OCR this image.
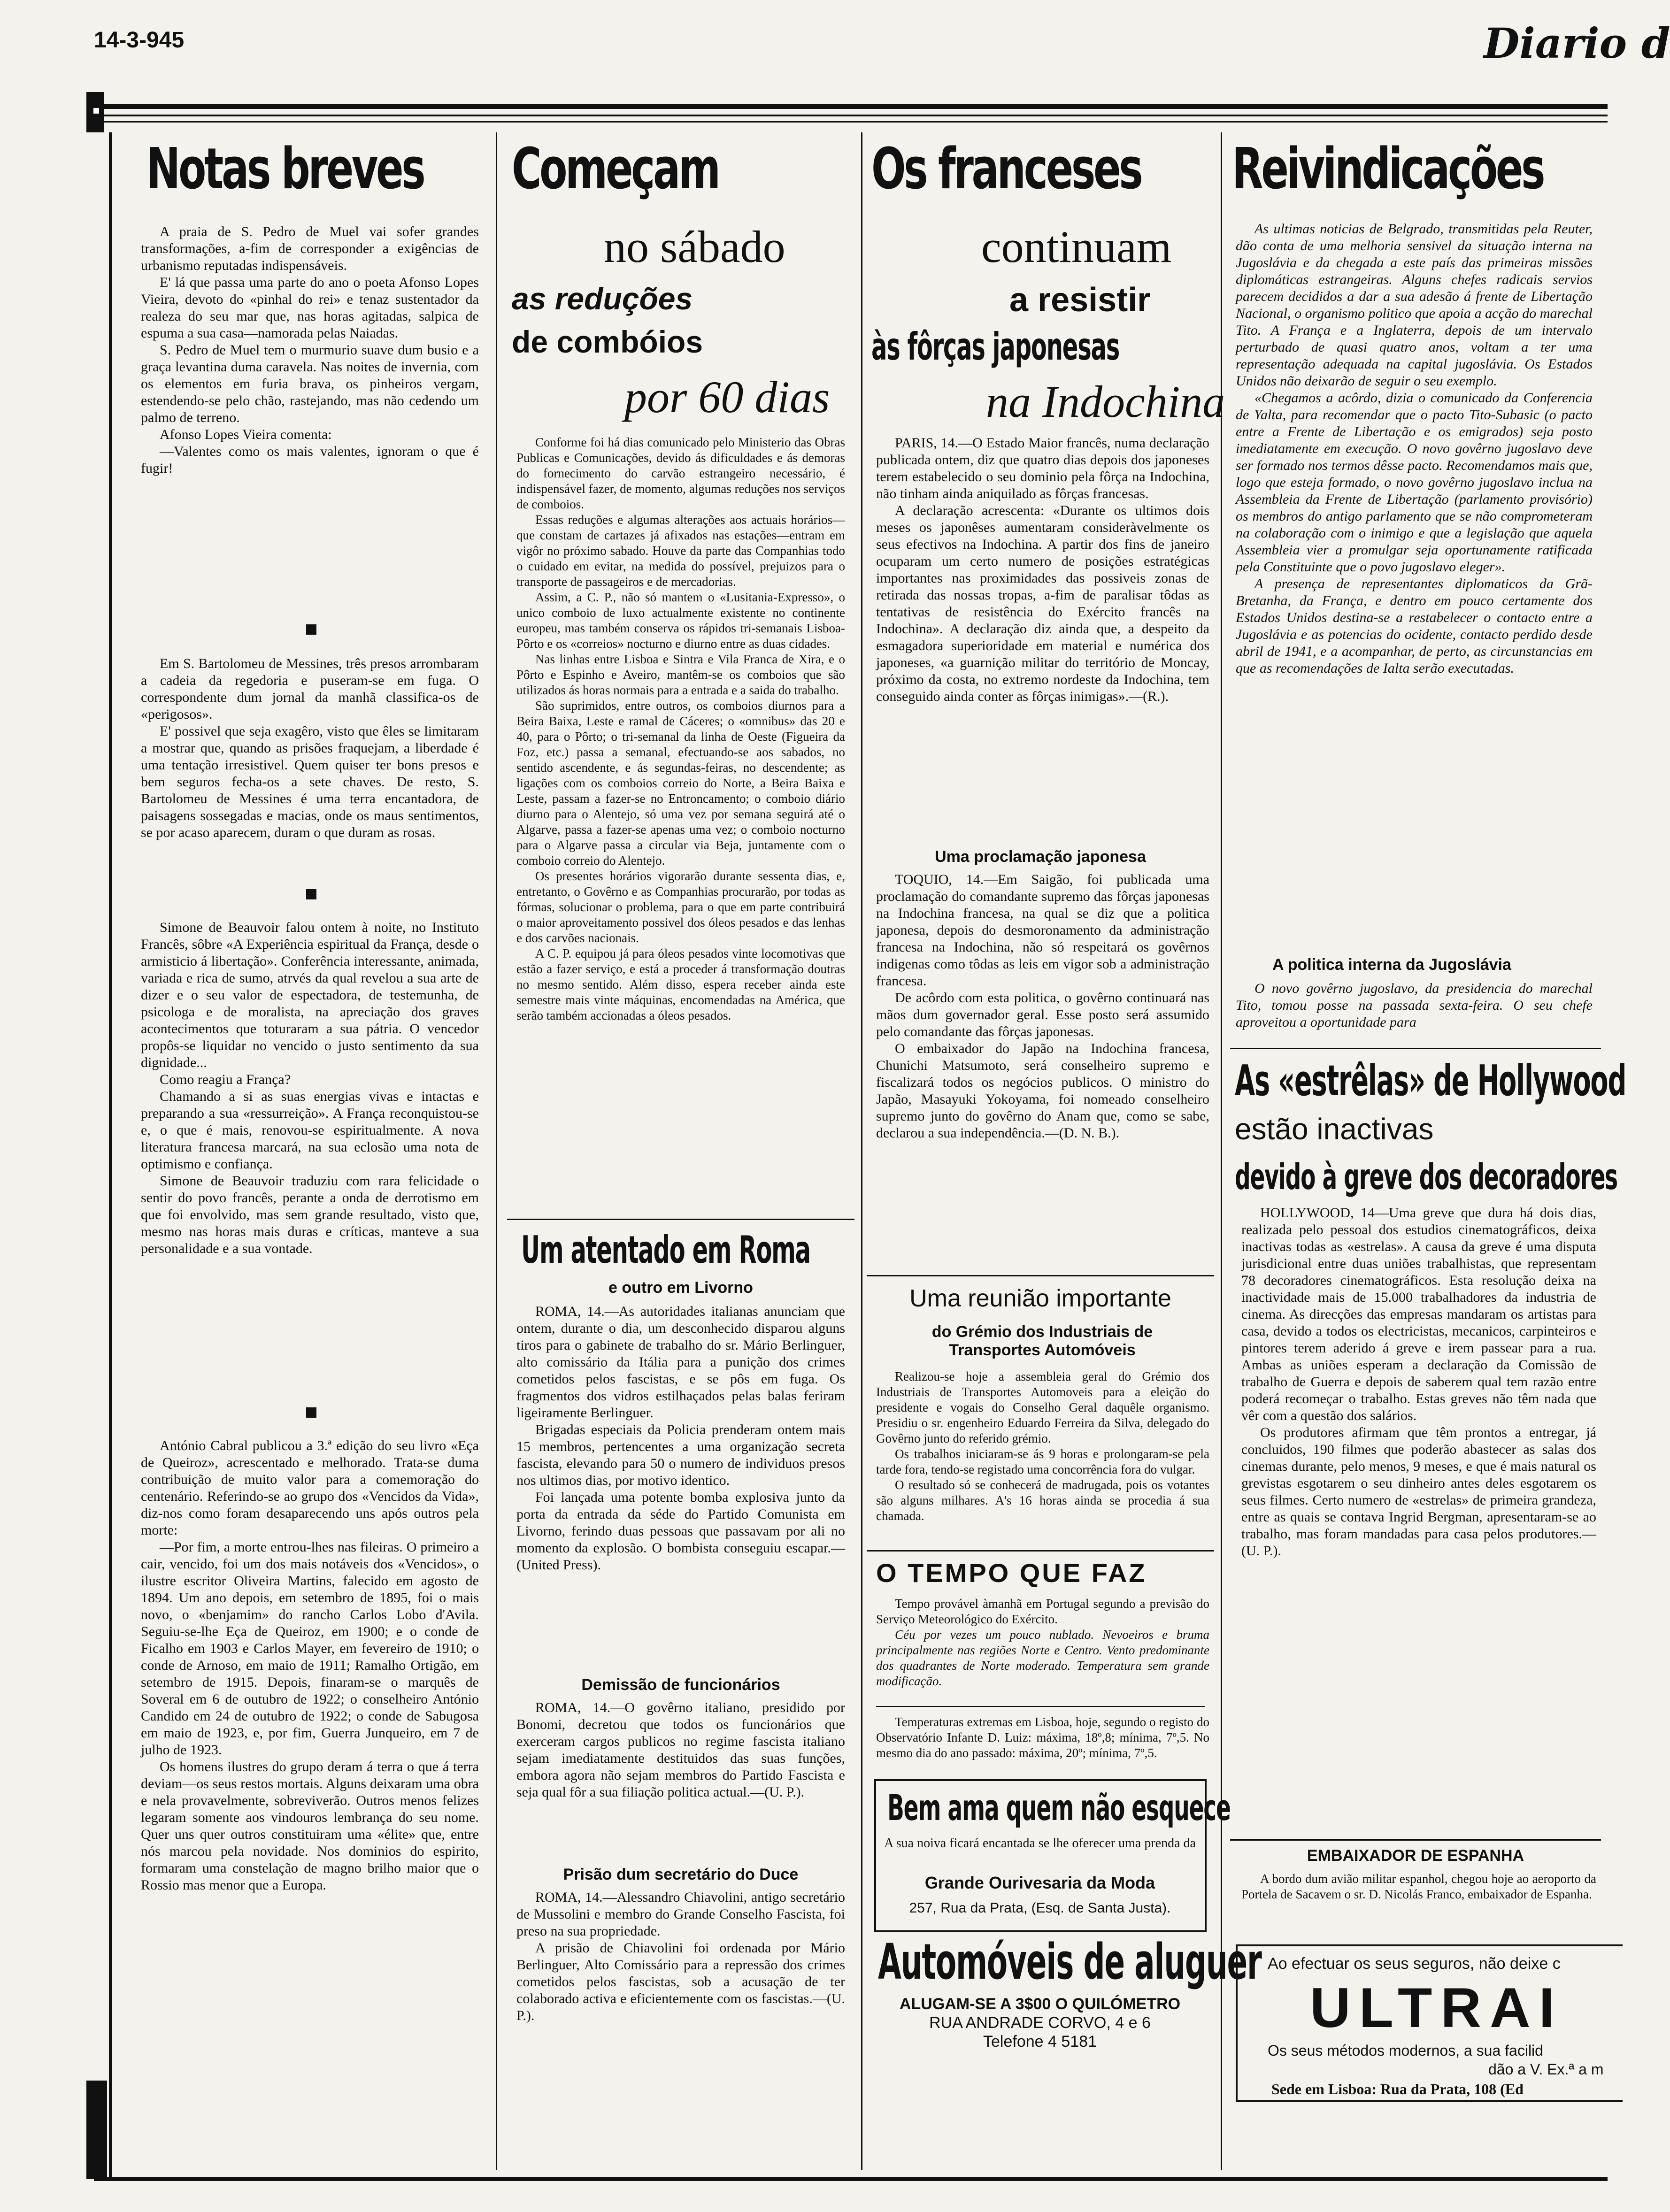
14-3-945	Diario d
Notas breves

A praia de S. Pedro de Muel vai sofer grandes transformações, a-fim de corresponder a exigências de urbanismo reputadas indispensáveis.

E' lá que passa uma parte do ano o poeta Afonso Lopes Vieira, devoto do «pinhal do rei» e tenaz sustentador da realeza do seu mar que, nas horas agitadas, salpica de espuma a sua casa—namorada pelas Naiadas.

S. Pedro de Muel tem o murmurio suave dum busio e a graça levantina duma caravela. Nas noites de invernia, com os elementos em furia brava, os pinheiros vergam, estendendo-se pelo chão, rastejando, mas não cedendo um palmo de terreno.

Afonso Lopes Vieira comenta:

—Valentes como os mais valentes, ignoram o que é fugir!

Em S. Bartolomeu de Messines, três presos arrombaram a cadeia da regedoria e puseram-se em fuga. O correspondente dum jornal da manhã classifica-os de «perigosos».

E' possivel que seja exagêro, visto que êles se limitaram a mostrar que, quando as prisões fraquejam, a liberdade é uma tentação irresistivel. Quem quiser ter bons presos e bem seguros fecha-os a sete chaves. De resto, S. Bartolomeu de Messines é uma terra encantadora, de paisagens sossegadas e macias, onde os maus sentimentos, se por acaso aparecem, duram o que duram as rosas.

Simone de Beauvoir falou ontem à noite, no Instituto Francês, sôbre «A Experiência espiritual da França, desde o armisticio á libertação». Conferência interessante, animada, variada e rica de sumo, atrvés da qual revelou a sua arte de dizer e o seu valor de espectadora, de testemunha, de psicologa e de moralista, na apreciação dos graves acontecimentos que toturaram a sua pátria. O vencedor propôs-se liquidar no vencido o justo sentimento da sua dignidade...

Como reagiu a França?

Chamando a si as suas energias vivas e intactas e preparando a sua «ressurreição». A França reconquistou-se e, o que é mais, renovou-se espiritualmente. A nova literatura francesa marcará, na sua eclosão uma nota de optimismo e confiança.

Simone de Beauvoir traduziu com rara felicidade o sentir do povo francês, perante a onda de derrotismo em que foi envolvido, mas sem grande resultado, visto que, mesmo nas horas mais duras e críticas, manteve a sua personalidade e a sua vontade.

António Cabral publicou a 3.ª edição do seu livro «Eça de Queiroz», acrescentado e melhorado. Trata-se duma contribuição de muito valor para a comemoração do centenário. Referindo-se ao grupo dos «Vencidos da Vida», diz-nos como foram desaparecendo uns após outros pela morte:

—Por fim, a morte entrou-lhes nas fileiras. O primeiro a cair, vencido, foi um dos mais notáveis dos «Vencidos», o ilustre escritor Oliveira Martins, falecido em agosto de 1894. Um ano depois, em setembro de 1895, foi o mais novo, o «benjamim» do rancho Carlos Lobo d'Avila. Seguiu-se-lhe Eça de Queiroz, em 1900; e o conde de Ficalho em 1903 e Carlos Mayer, em fevereiro de 1910; o conde de Arnoso, em maio de 1911; Ramalho Ortigão, em setembro de 1915. Depois, finaram-se o marquês de Soveral em 6 de outubro de 1922; o conselheiro António Candido em 24 de outubro de 1922; o conde de Sabugosa em maio de 1923, e, por fim, Guerra Junqueiro, em 7 de julho de 1923.

Os homens ilustres do grupo deram á terra o que á terra deviam—os seus restos mortais. Alguns deixaram uma obra e nela provavelmente, sobreviverão. Outros menos felizes legaram somente aos vindouros lembrança do seu nome. Quer uns quer outros constituiram uma «élite» que, entre nós marcou pela novidade. Nos dominios do espirito, formaram uma constelação de magno brilho maior que o Rossio mas menor que a Europa.

Começam
no sábado
as reduções
de combóios
por 60 dias

Conforme foi há dias comunicado pelo Ministerio das Obras Publicas e Comunicações, devido ás dificuldades e ás demoras do fornecimento do carvão estrangeiro necessário, é indispensável fazer, de momento, algumas reduções nos serviços de comboios.

Essas reduções e algumas alterações aos actuais horários—que constam de cartazes já afixados nas estações—entram em vigôr no próximo sabado. Houve da parte das Companhias todo o cuidado em evitar, na medida do possível, prejuizos para o transporte de passageiros e de mercadorias.

Assim, a C. P., não só mantem o «Lusitania-Expresso», o unico comboio de luxo actualmente existente no continente europeu, mas também conserva os rápidos tri-semanais Lisboa-Pôrto e os «correios» nocturno e diurno entre as duas cidades.

Nas linhas entre Lisboa e Sintra e Vila Franca de Xira, e o Pôrto e Espinho e Aveiro, mantêm-se os comboios que são utilizados ás horas normais para a entrada e a saida do trabalho.

São suprimidos, entre outros, os comboios diurnos para a Beira Baixa, Leste e ramal de Cáceres; o «omnibus» das 20 e 40, para o Pôrto; o tri-semanal da linha de Oeste (Figueira da Foz, etc.) passa a semanal, efectuando-se aos sabados, no sentido ascendente, e ás segundas-feiras, no descendente; as ligações com os comboios correio do Norte, a Beira Baixa e Leste, passam a fazer-se no Entroncamento; o comboio diário diurno para o Alentejo, só uma vez por semana seguirá até o Algarve, passa a fazer-se apenas uma vez; o comboio nocturno para o Algarve passa a circular via Beja, juntamente com o comboio correio do Alentejo.

Os presentes horários vigorarão durante sessenta dias, e, entretanto, o Govêrno e as Companhias procurarão, por todas as fórmas, solucionar o problema, para o que em parte contribuirá o maior aproveitamento possivel dos óleos pesados e das lenhas e dos carvões nacionais.

A C. P. equipou já para óleos pesados vinte locomotivas que estão a fazer serviço, e está a proceder á transformação doutras no mesmo sentido. Além disso, espera receber ainda este semestre mais vinte máquinas, encomendadas na América, que serão também accionadas a óleos pesados.

Um atentado em Roma
e outro em Livorno

ROMA, 14.—As autoridades italianas anunciam que ontem, durante o dia, um desconhecido disparou alguns tiros para o gabinete de trabalho do sr. Mário Berlinguer, alto comissário da Itália para a punição dos crimes cometidos pelos fascistas, e se pôs em fuga. Os fragmentos dos vidros estilhaçados pelas balas feriram ligeiramente Berlinguer.

Brigadas especiais da Policia prenderam ontem mais 15 membros, pertencentes a uma organização secreta fascista, elevando para 50 o numero de individuos presos nos ultimos dias, por motivo identico.

Foi lançada uma potente bomba explosiva junto da porta da entrada da séde do Partido Comunista em Livorno, ferindo duas pessoas que passavam por ali no momento da explosão. O bombista conseguiu escapar.—(United Press).

Demissão de funcionários

ROMA, 14.—O govêrno italiano, presidido por Bonomi, decretou que todos os funcionários que exerceram cargos publicos no regime fascista italiano sejam imediatamente destituidos das suas funções, embora agora não sejam membros do Partido Fascista e seja qual fôr a sua filiação politica actual.—(U. P.).

Prisão dum secretário do Duce

ROMA, 14.—Alessandro Chiavolini, antigo secretário de Mussolini e membro do Grande Conselho Fascista, foi preso na sua propriedade.

A prisão de Chiavolini foi ordenada por Mário Berlinguer, Alto Comissário para a repressão dos crimes cometidos pelos fascistas, sob a acusação de ter colaborado activa e eficientemente com os fascistas.—(U. P.).

Os franceses
continuam
a resistir
às fôrças japonesas
na Indochina

PARIS, 14.—O Estado Maior francês, numa declaração publicada ontem, diz que quatro dias depois dos japoneses terem estabelecido o seu dominio pela fôrça na Indochina, não tinham ainda aniquilado as fôrças francesas.

A declaração acrescenta: «Durante os ultimos dois meses os japonêses aumentaram consideràvelmente os seus efectivos na Indochina. A partir dos fins de janeiro ocuparam um certo numero de posições estratégicas importantes nas proximidades das possiveis zonas de retirada das nossas tropas, a-fim de paralisar tôdas as tentativas de resistência do Exército francês na Indochina». A declaração diz ainda que, a despeito da esmagadora superioridade em material e numérica dos japoneses, «a guarnição militar do território de Moncay, próximo da costa, no extremo nordeste da Indochina, tem conseguido ainda conter as fôrças inimigas».—(R.).

Uma proclamação japonesa

TOQUIO, 14.—Em Saigão, foi publicada uma proclamação do comandante supremo das fôrças japonesas na Indochina francesa, na qual se diz que a politica japonesa, depois do desmoronamento da administração francesa na Indochina, não só respeitará os govêrnos indigenas como tôdas as leis em vigor sob a administração francesa.

De acôrdo com esta politica, o govêrno continuará nas mãos dum governador geral. Esse posto será assumido pelo comandante das fôrças japonesas.

O embaixador do Japão na Indochina francesa, Chunichi Matsumoto, será conselheiro supremo e fiscalizará todos os negócios publicos. O ministro do Japão, Masayuki Yokoyama, foi nomeado conselheiro supremo junto do govêrno do Anam que, como se sabe, declarou a sua independência.—(D. N. B.).

Uma reunião importante
do Grémio dos Industriais de Transportes Automóveis

Realizou-se hoje a assembleia geral do Grémio dos Industriais de Transportes Automoveis para a eleição do presidente e vogais do Conselho Geral daquêle organismo. Presidiu o sr. engenheiro Eduardo Ferreira da Silva, delegado do Govêrno junto do referido grémio.

Os trabalhos iniciaram-se ás 9 horas e prolongaram-se pela tarde fora, tendo-se registado uma concorrência fora do vulgar.

O resultado só se conhecerá de madrugada, pois os votantes são alguns milhares. A's 16 horas ainda se procedia á sua chamada.

O TEMPO QUE FAZ

Tempo provável àmanhã em Portugal segundo a previsão do Serviço Meteorológico do Exército.

Céu por vezes um pouco nublado. Nevoeiros e bruma principalmente nas regiões Norte e Centro. Vento predominante dos quadrantes de Norte moderado. Temperatura sem grande modificação.

Temperaturas extremas em Lisboa, hoje, segundo o registo do Observatório Infante D. Luiz: máxima, 18º,8; mínima, 7º,5. No mesmo dia do ano passado: máxima, 20º; mínima, 7º,5.

Bem ama quem não esquece
A sua noiva ficará encantada se lhe oferecer uma prenda da
Grande Ourivesaria da Moda
257, Rua da Prata, (Esq. de Santa Justa).
Automóveis de aluguer
ALUGAM-SE A 3$00 O QUILÓMETRO
RUA ANDRADE CORVO, 4 e 6
Telefone 4 5181
Reivindicações

As ultimas noticias de Belgrado, transmitidas pela Reuter, dão conta de uma melhoria sensivel da situação interna na Jugoslávia e da chegada a este país das primeiras missões diplomáticas estrangeiras. Alguns chefes radicais servios parecem decididos a dar a sua adesão á frente de Libertação Nacional, o organismo politico que apoia a acção do marechal Tito. A França e a Inglaterra, depois de um intervalo perturbado de quasi quatro anos, voltam a ter uma representação adequada na capital jugoslávia. Os Estados Unidos não deixarão de seguir o seu exemplo.

«Chegamos a acôrdo, dizia o comunicado da Conferencia de Yalta, para recomendar que o pacto Tito-Subasic (o pacto entre a Frente de Libertação e os emigrados) seja posto imediatamente em execução. O novo govêrno jugoslavo deve ser formado nos termos dêsse pacto. Recomendamos mais que, logo que esteja formado, o novo govêrno jugoslavo inclua na Assembleia da Frente de Libertação (parlamento provisório) os membros do antigo parlamento que se não comprometeram na colaboração com o inimigo e que a legislação que aquela Assembleia vier a promulgar seja oportunamente ratificada pela Constituinte que o povo jugoslavo eleger».

A presença de representantes diplomaticos da Grã-Bretanha, da França, e dentro em pouco certamente dos Estados Unidos destina-se a restabelecer o contacto entre a Jugoslávia e as potencias do ocidente, contacto perdido desde abril de 1941, e a acompanhar, de perto, as circunstancias em que as recomendações de Ialta serão executadas.

A politica interna da Jugoslávia

O novo govêrno jugoslavo, da presidencia do marechal Tito, tomou posse na passada sexta-feira. O seu chefe aproveitou a oportunidade para

As «estrêlas» de Hollywood
estão inactivas
devido à greve dos decoradores

HOLLYWOOD, 14—Uma greve que dura há dois dias, realizada pelo pessoal dos estudios cinematográficos, deixa inactivas todas as «estrelas». A causa da greve é uma disputa jurisdicional entre duas uniões trabalhistas, que representam 78 decoradores cinematográficos. Esta resolução deixa na inactividade mais de 15.000 trabalhadores da industria de cinema. As direcções das empresas mandaram os artistas para casa, devido a todos os electricistas, mecanicos, carpinteiros e pintores terem aderido á greve e irem passear para a rua. Ambas as uniões esperam a declaração da Comissão de trabalho de Guerra e depois de saberem qual tem razão entre poderá recomeçar o trabalho. Estas greves não têm nada que vêr com a questão dos salários.

Os produtores afirmam que têm prontos a entregar, já concluidos, 190 filmes que poderão abastecer as salas dos cinemas durante, pelo menos, 9 meses, e que é mais natural os grevistas esgotarem o seu dinheiro antes deles esgotarem os seus filmes. Certo numero de «estrelas» de primeira grandeza, entre as quais se contava Ingrid Bergman, apresentaram-se ao trabalho, mas foram mandadas para casa pelos produtores.—(U. P.).

EMBAIXADOR DE ESPANHA

A bordo dum avião militar espanhol, chegou hoje ao aeroporto da Portela de Sacavem o sr. D. Nicolás Franco, embaixador de Espanha.

Ao efectuar os seus seguros, não deixe c
ULTRAI
Os seus métodos modernos, a sua facilid
dão a V. Ex.ª a m
Sede em Lisboa: Rua da Prata, 108 (Ed
